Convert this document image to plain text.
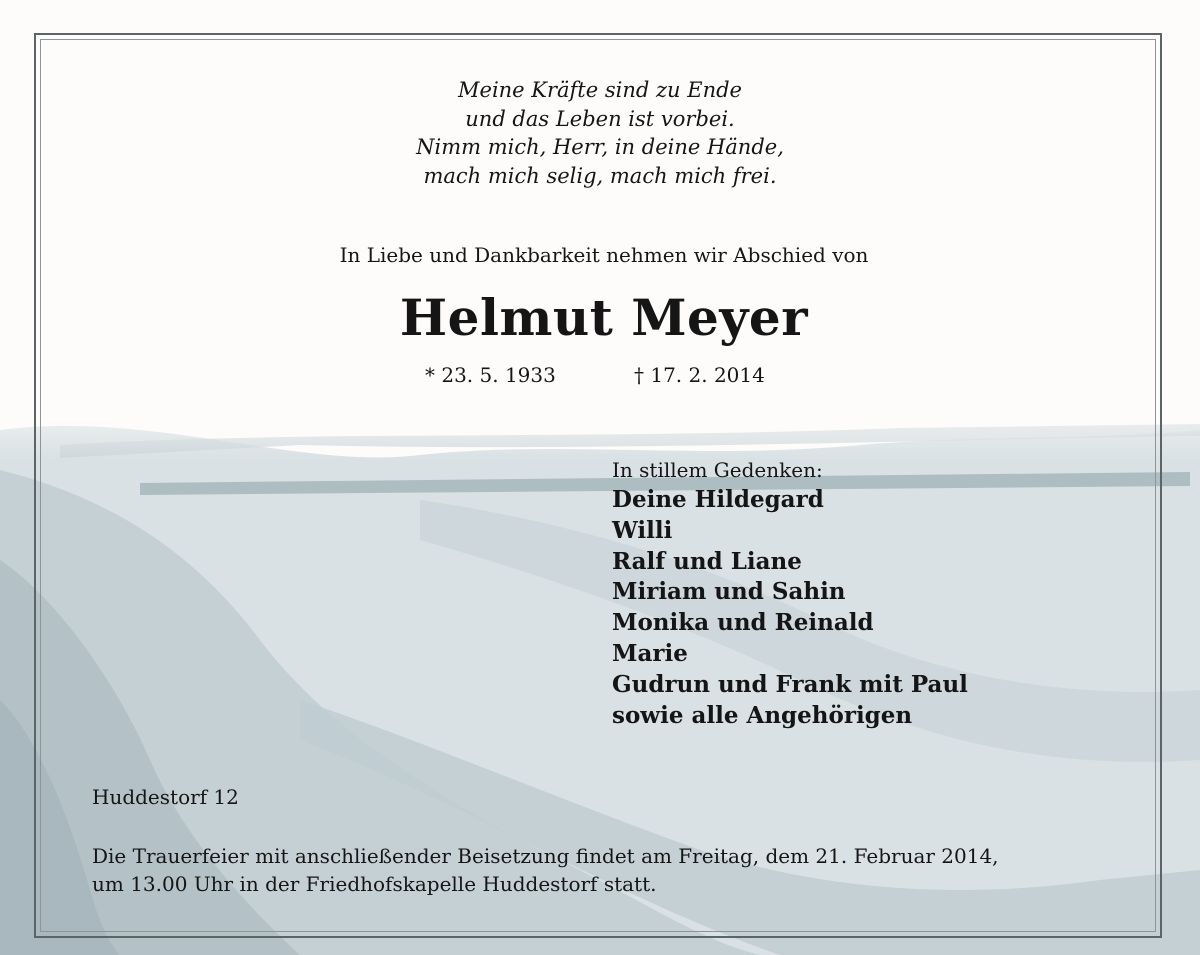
Meine Kräfte sind zu Ende
und das Leben ist vorbei.
Nimm mich, Herr, in deine Hände,
mach mich selig, mach mich frei.
In Liebe und Dankbarkeit nehmen wir Abschied von
Helmut Meyer
* 23. 5. 1933	† 17. 2. 2014
In stillem Gedenken:
Deine Hildegard
Willi
Ralf und Liane
Miriam und Sahin
Monika und Reinald
Marie
Gudrun und Frank mit Paul
sowie alle Angehörigen
Huddestorf 12
Die Trauerfeier mit anschließender Beisetzung findet am Freitag, dem 21. Februar 2014,
um 13.00 Uhr in der Friedhofskapelle Huddestorf statt.
